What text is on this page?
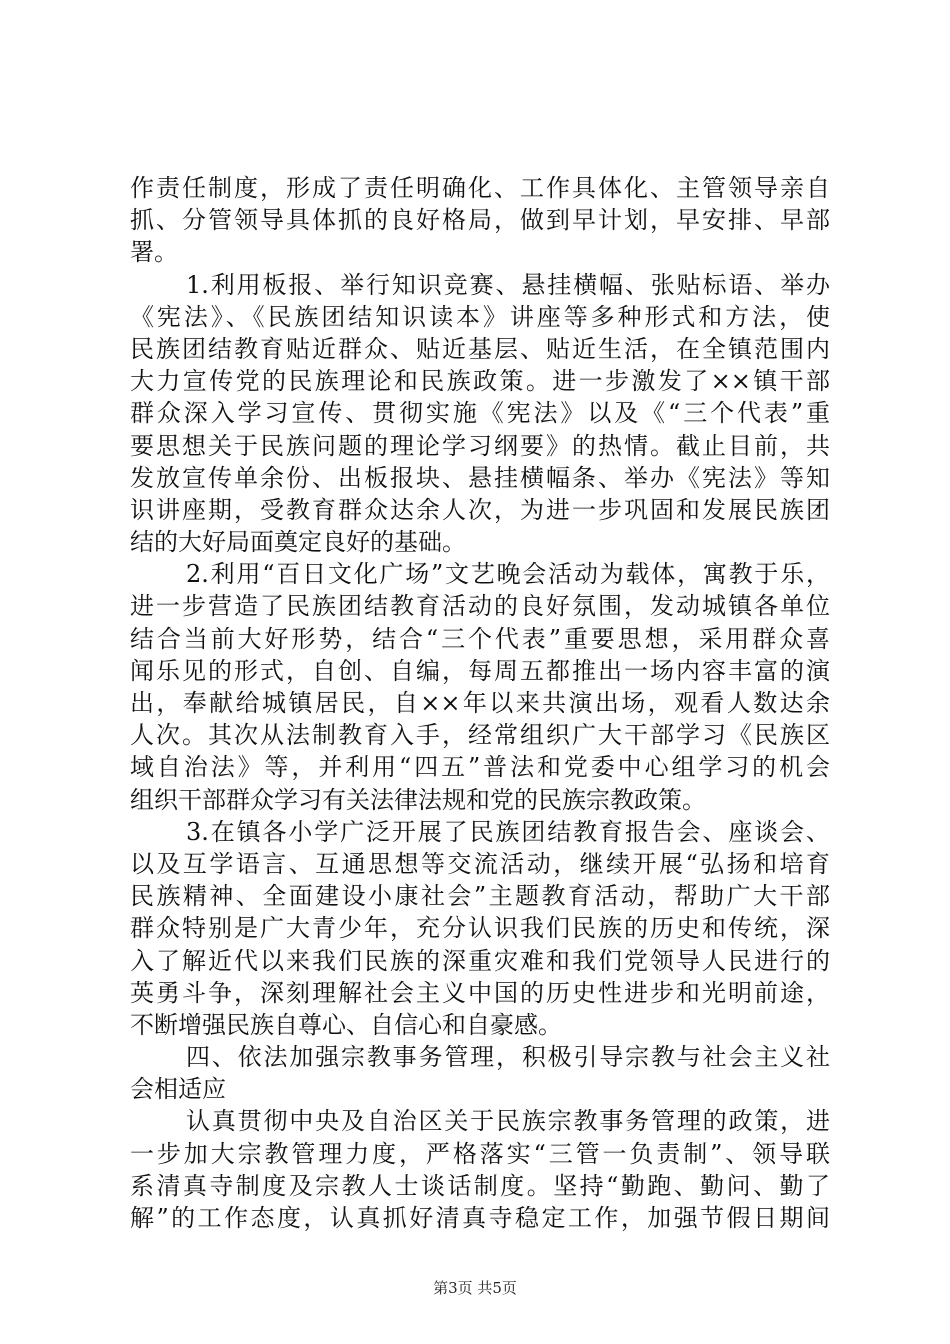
作责任制度，形成了责任明确化、工作具体化、主管领导亲自
抓、分管领导具体抓的良好格局，做到早计划，早安排、早部
署。
1.利用板报、举行知识竞赛、悬挂横幅、张贴标语、举办
《宪法》、《民族团结知识读本》讲座等多种形式和方法，使
民族团结教育贴近群众、贴近基层、贴近生活，在全镇范围内
大力宣传党的民族理论和民族政策。进一步激发了××镇干部
群众深入学习宣传、贯彻实施《宪法》以及《“三个代表”重
要思想关于民族问题的理论学习纲要》的热情。截止目前，共
发放宣传单余份、出板报块、悬挂横幅条、举办《宪法》等知
识讲座期，受教育群众达余人次，为进一步巩固和发展民族团
结的大好局面奠定良好的基础。
2.利用“百日文化广场”文艺晚会活动为载体，寓教于乐，
进一步营造了民族团结教育活动的良好氛围，发动城镇各单位
结合当前大好形势，结合“三个代表”重要思想，采用群众喜
闻乐见的形式，自创、自编，每周五都推出一场内容丰富的演
出，奉献给城镇居民，自××年以来共演出场，观看人数达余
人次。其次从法制教育入手，经常组织广大干部学习《民族区
域自治法》等，并利用“四五”普法和党委中心组学习的机会
组织干部群众学习有关法律法规和党的民族宗教政策。
3.在镇各小学广泛开展了民族团结教育报告会、座谈会、
以及互学语言、互通思想等交流活动，继续开展“弘扬和培育
民族精神、全面建设小康社会”主题教育活动，帮助广大干部
群众特别是广大青少年，充分认识我们民族的历史和传统，深
入了解近代以来我们民族的深重灾难和我们党领导人民进行的
英勇斗争，深刻理解社会主义中国的历史性进步和光明前途，
不断增强民族自尊心、自信心和自豪感。
四、依法加强宗教事务管理，积极引导宗教与社会主义社
会相适应
认真贯彻中央及自治区关于民族宗教事务管理的政策，进
一步加大宗教管理力度，严格落实“三管一负责制”、领导联
系清真寺制度及宗教人士谈话制度。坚持“勤跑、勤问、勤了
解”的工作态度，认真抓好清真寺稳定工作，加强节假日期间
第3页 共5页
